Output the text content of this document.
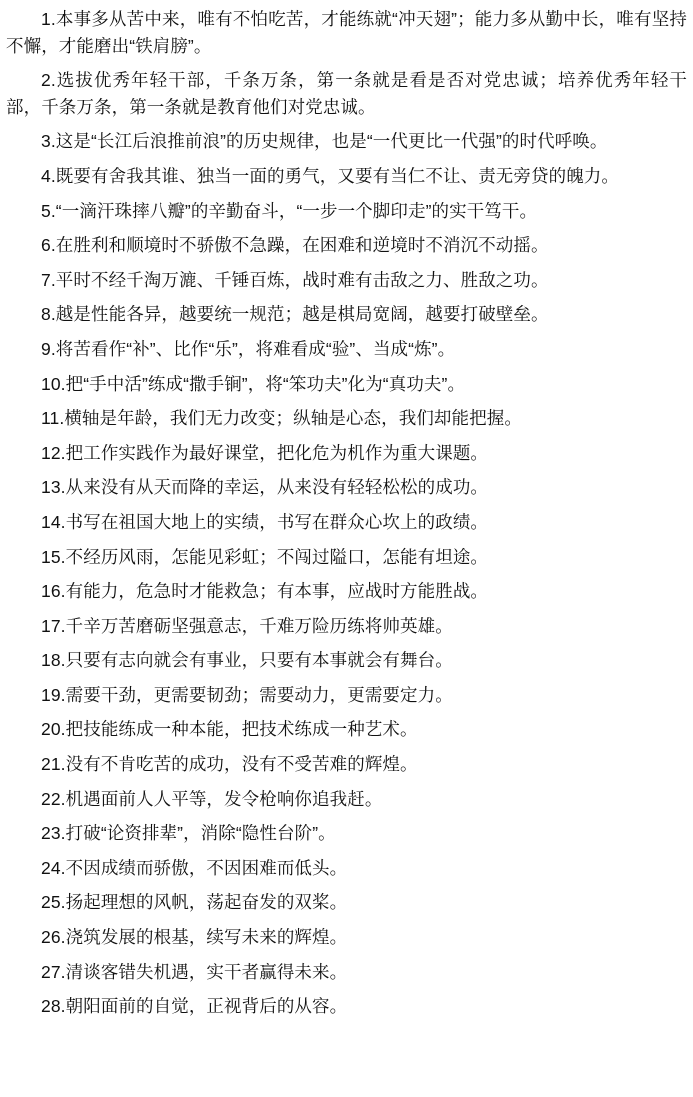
1.本事多从苦中来，唯有不怕吃苦，才能练就“冲天翅”；能力多从勤中长，唯有坚持不懈，才能磨出“铁肩膀”。

2.选拔优秀年轻干部，千条万条，第一条就是看是否对党忠诚；培养优秀年轻干部，千条万条，第一条就是教育他们对党忠诚。

3.这是“长江后浪推前浪”的历史规律，也是“一代更比一代强”的时代呼唤。

4.既要有舍我其谁、独当一面的勇气，又要有当仁不让、责无旁贷的魄力。

5.“一滴汗珠摔八瓣”的辛勤奋斗，“一步一个脚印走”的实干笃干。

6.在胜利和顺境时不骄傲不急躁，在困难和逆境时不消沉不动摇。

7.平时不经千淘万漉、千锤百炼，战时难有击敌之力、胜敌之功。

8.越是性能各异，越要统一规范；越是棋局宽阔，越要打破壁垒。

9.将苦看作“补”、比作“乐”，将难看成“验”、当成“炼”。

10.把“手中活”练成“撒手锏”，将“笨功夫”化为“真功夫”。

11.横轴是年龄，我们无力改变；纵轴是心态，我们却能把握。

12.把工作实践作为最好课堂，把化危为机作为重大课题。

13.从来没有从天而降的幸运，从来没有轻轻松松的成功。

14.书写在祖国大地上的实绩，书写在群众心坎上的政绩。

15.不经历风雨，怎能见彩虹；不闯过隘口，怎能有坦途。

16.有能力，危急时才能救急；有本事，应战时方能胜战。

17.千辛万苦磨砺坚强意志，千难万险历练将帅英雄。

18.只要有志向就会有事业，只要有本事就会有舞台。

19.需要干劲，更需要韧劲；需要动力，更需要定力。

20.把技能练成一种本能，把技术练成一种艺术。

21.没有不肯吃苦的成功，没有不受苦难的辉煌。

22.机遇面前人人平等，发令枪响你追我赶。

23.打破“论资排辈”，消除“隐性台阶”。

24.不因成绩而骄傲，不因困难而低头。

25.扬起理想的风帆，荡起奋发的双桨。

26.浇筑发展的根基，续写未来的辉煌。

27.清谈客错失机遇，实干者赢得未来。

28.朝阳面前的自觉，正视背后的从容。
